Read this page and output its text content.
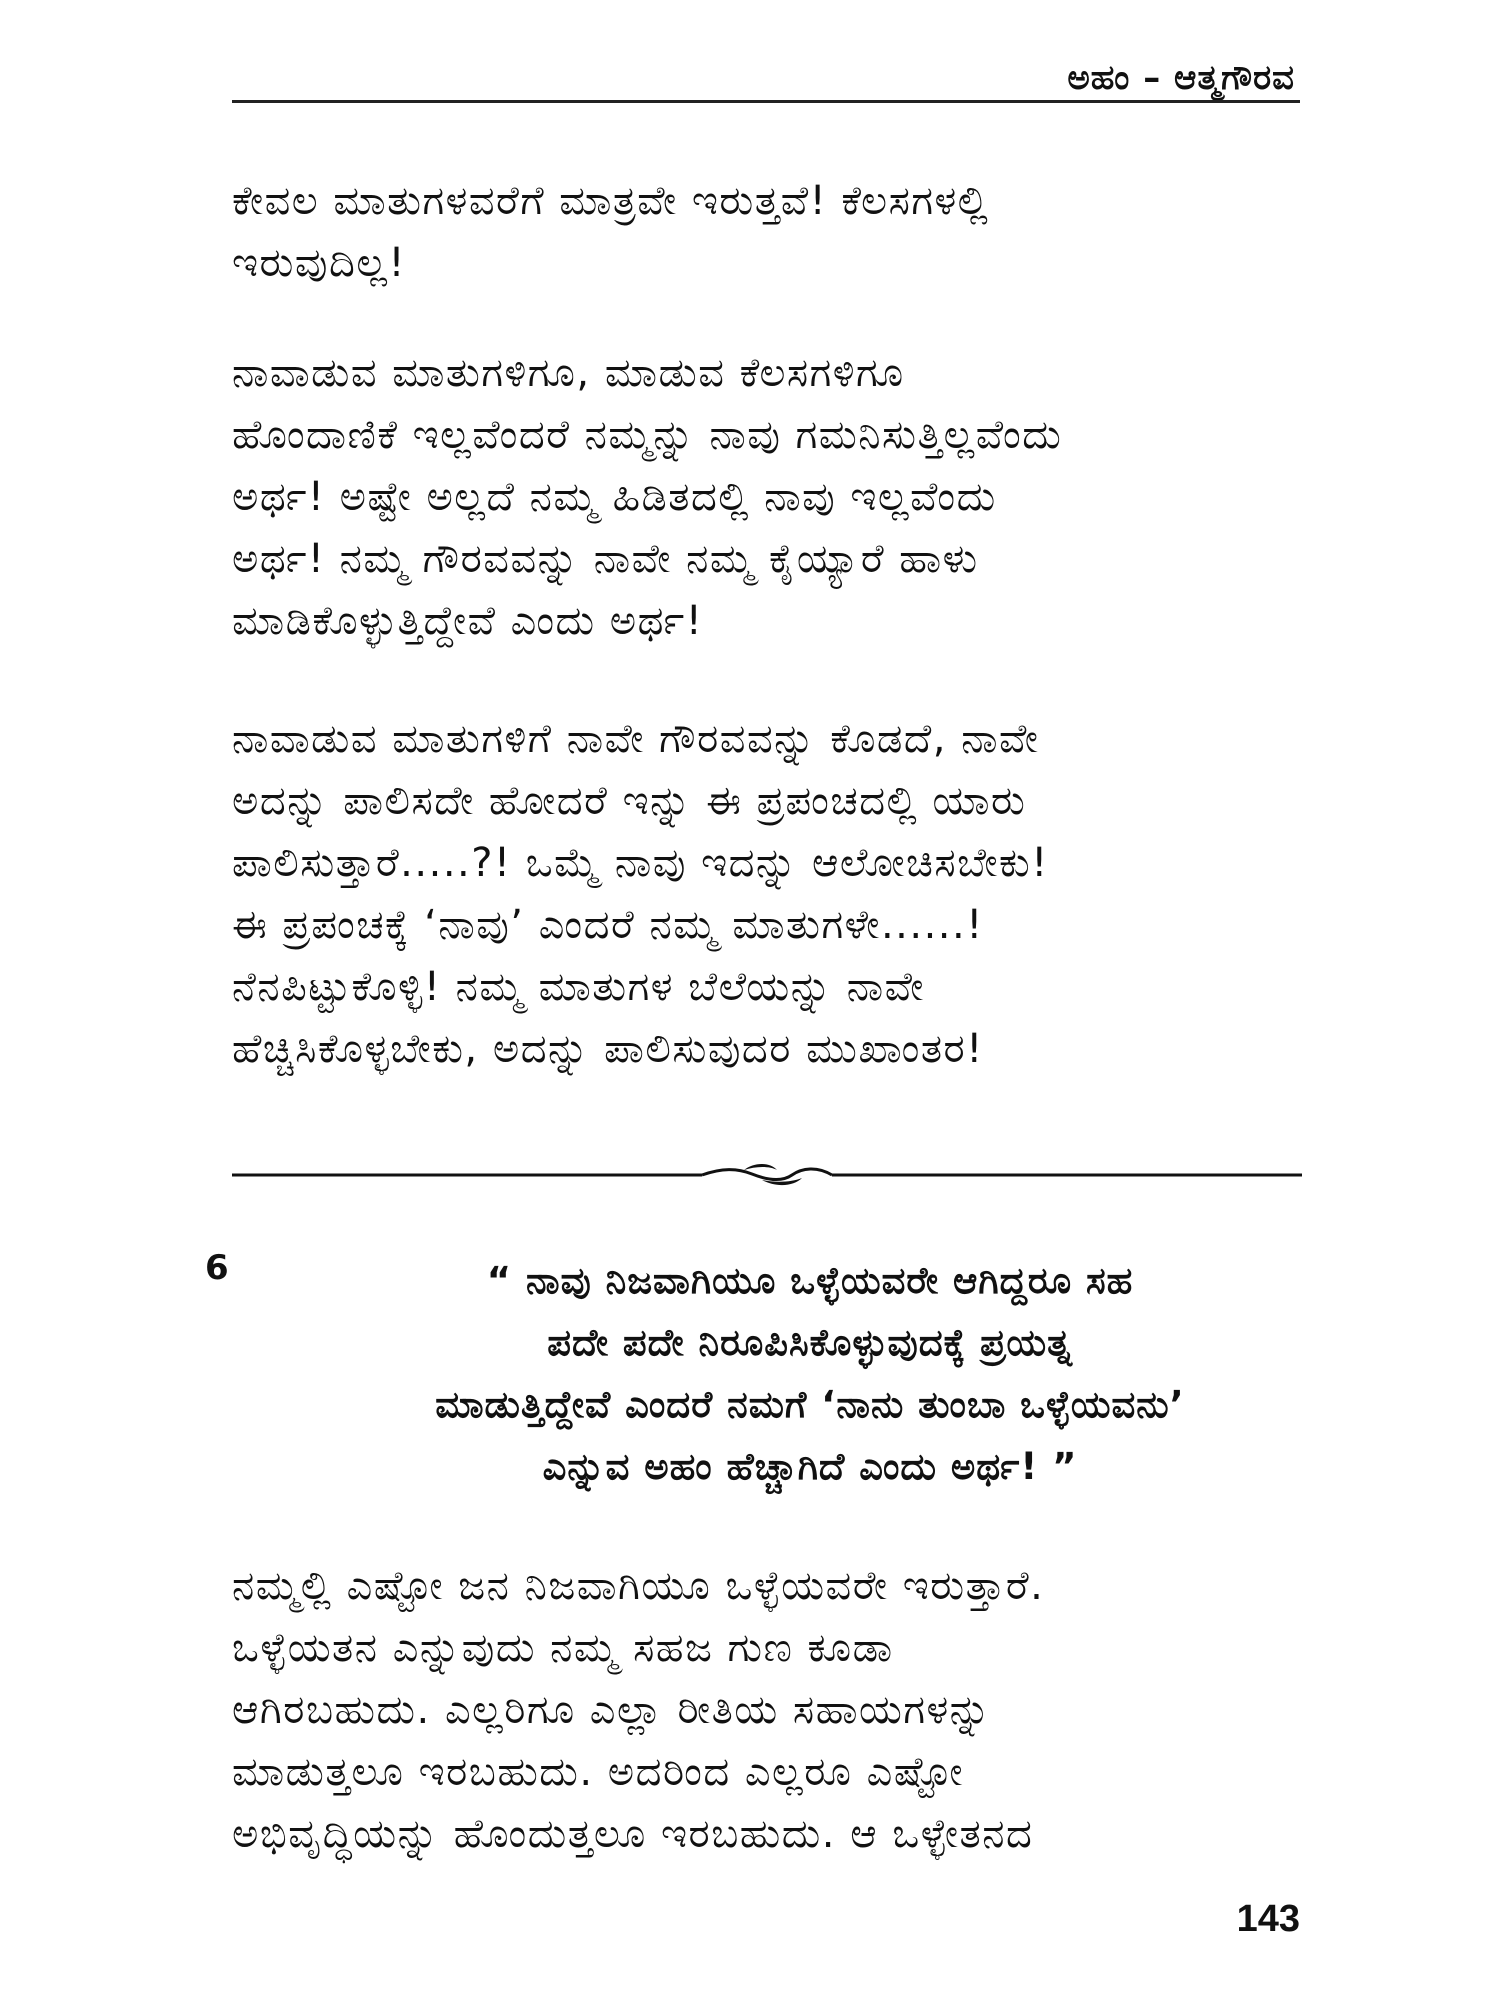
ಅಹಂ – ಆತ್ಮಗೌರವ
ಕೇವಲ ಮಾತುಗಳವರೆಗೆ ಮಾತ್ರವೇ ಇರುತ್ತವೆ! ಕೆಲಸಗಳಲ್ಲಿ
ಇರುವುದಿಲ್ಲ!
ನಾವಾಡುವ ಮಾತುಗಳಿಗೂ, ಮಾಡುವ ಕೆಲಸಗಳಿಗೂ
ಹೊಂದಾಣಿಕೆ ಇಲ್ಲವೆಂದರೆ ನಮ್ಮನ್ನು ನಾವು ಗಮನಿಸುತ್ತಿಲ್ಲವೆಂದು
ಅರ್ಥ! ಅಷ್ಟೇ ಅಲ್ಲದೆ ನಮ್ಮ ಹಿಡಿತದಲ್ಲಿ ನಾವು ಇಲ್ಲವೆಂದು
ಅರ್ಥ! ನಮ್ಮ ಗೌರವವನ್ನು ನಾವೇ ನಮ್ಮ ಕೈಯ್ಯಾರೆ ಹಾಳು
ಮಾಡಿಕೊಳ್ಳುತ್ತಿದ್ದೇವೆ ಎಂದು ಅರ್ಥ!
ನಾವಾಡುವ ಮಾತುಗಳಿಗೆ ನಾವೇ ಗೌರವವನ್ನು ಕೊಡದೆ, ನಾವೇ
ಅದನ್ನು ಪಾಲಿಸದೇ ಹೋದರೆ ಇನ್ನು ಈ ಪ್ರಪಂಚದಲ್ಲಿ ಯಾರು
ಪಾಲಿಸುತ್ತಾರೆ.....?! ಒಮ್ಮೆ ನಾವು ಇದನ್ನು ಆಲೋಚಿಸಬೇಕು!
ಈ ಪ್ರಪಂಚಕ್ಕೆ ‘ನಾವು’ ಎಂದರೆ ನಮ್ಮ ಮಾತುಗಳೇ......!
ನೆನಪಿಟ್ಟುಕೊಳ್ಳಿ! ನಮ್ಮ ಮಾತುಗಳ ಬೆಲೆಯನ್ನು ನಾವೇ
ಹೆಚ್ಚಿಸಿಕೊಳ್ಳಬೇಕು, ಅದನ್ನು ಪಾಲಿಸುವುದರ ಮುಖಾಂತರ!
6	“ ನಾವು ನಿಜವಾಗಿಯೂ ಒಳ್ಳೆಯವರೇ ಆಗಿದ್ದರೂ ಸಹ
ಪದೇ ಪದೇ ನಿರೂಪಿಸಿಕೊಳ್ಳುವುದಕ್ಕೆ ಪ್ರಯತ್ನ
ಮಾಡುತ್ತಿದ್ದೇವೆ ಎಂದರೆ ನಮಗೆ ‘ನಾನು ತುಂಬಾ ಒಳ್ಳೆಯವನು’
ಎನ್ನುವ ಅಹಂ ಹೆಚ್ಚಾಗಿದೆ ಎಂದು ಅರ್ಥ! ”
ನಮ್ಮಲ್ಲಿ ಎಷ್ಟೋ ಜನ ನಿಜವಾಗಿಯೂ ಒಳ್ಳೆಯವರೇ ಇರುತ್ತಾರೆ.
ಒಳ್ಳೆಯತನ ಎನ್ನುವುದು ನಮ್ಮ ಸಹಜ ಗುಣ ಕೂಡಾ
ಆಗಿರಬಹುದು. ಎಲ್ಲರಿಗೂ ಎಲ್ಲಾ ರೀತಿಯ ಸಹಾಯಗಳನ್ನು
ಮಾಡುತ್ತಲೂ ಇರಬಹುದು. ಅದರಿಂದ ಎಲ್ಲರೂ ಎಷ್ಟೋ
ಅಭಿವೃದ್ಧಿಯನ್ನು ಹೊಂದುತ್ತಲೂ ಇರಬಹುದು. ಆ ಒಳ್ಳೇತನದ
143
